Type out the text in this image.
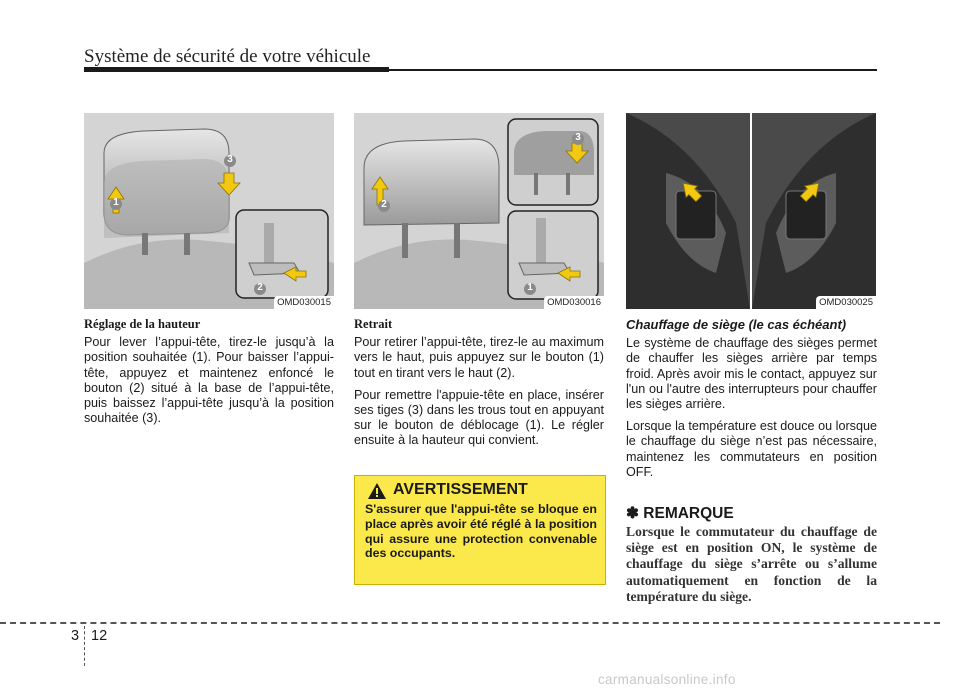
Système de sécurité de votre véhicule
1
3
2
OMD030015
2
3
1
OMD030016	OMD030025
Réglage de la hauteur

Pour lever l’appui-tête, tirez-le jusqu’à la position souhaitée (1). Pour baisser l’appui-tête, appuyez et maintenez enfoncé le bouton (2) situé à la base de l’appui-tête, puis baissez l’appui-tête jusqu’à la position souhaitée (3).

Retrait

Pour retirer l’appui-tête, tirez-le au maximum vers le haut, puis appuyez sur le bouton (1) tout en tirant vers le haut (2).

Pour remettre l'appuie-tête en place, insérer ses tiges (3) dans les trous tout en appuyant sur le bouton de déblocage (1). Le régler ensuite à la hauteur qui convient.

AVERTISSEMENT
S'assurer que l'appui-tête se bloque en place après avoir été réglé à la position qui assure une protection convenable des occupants.
Chauffage de siège (le cas échéant)

Le système de chauffage des sièges permet de chauffer les sièges arrière par temps froid. Après avoir mis le contact, appuyez sur l'un ou l'autre des interrupteurs pour chauffer les sièges arrière.

Lorsque la température est douce ou lorsque le chauffage du siège n’est pas nécessaire, maintenez les commutateurs en position OFF.

✽ REMARQUE
Lorsque le commutateur du chauffage de siège est en position ON, le système de chauffage du siège s’arrête ou s’allume automatiquement en fonction de la température du siège.
3 12
carmanualsonline.info
